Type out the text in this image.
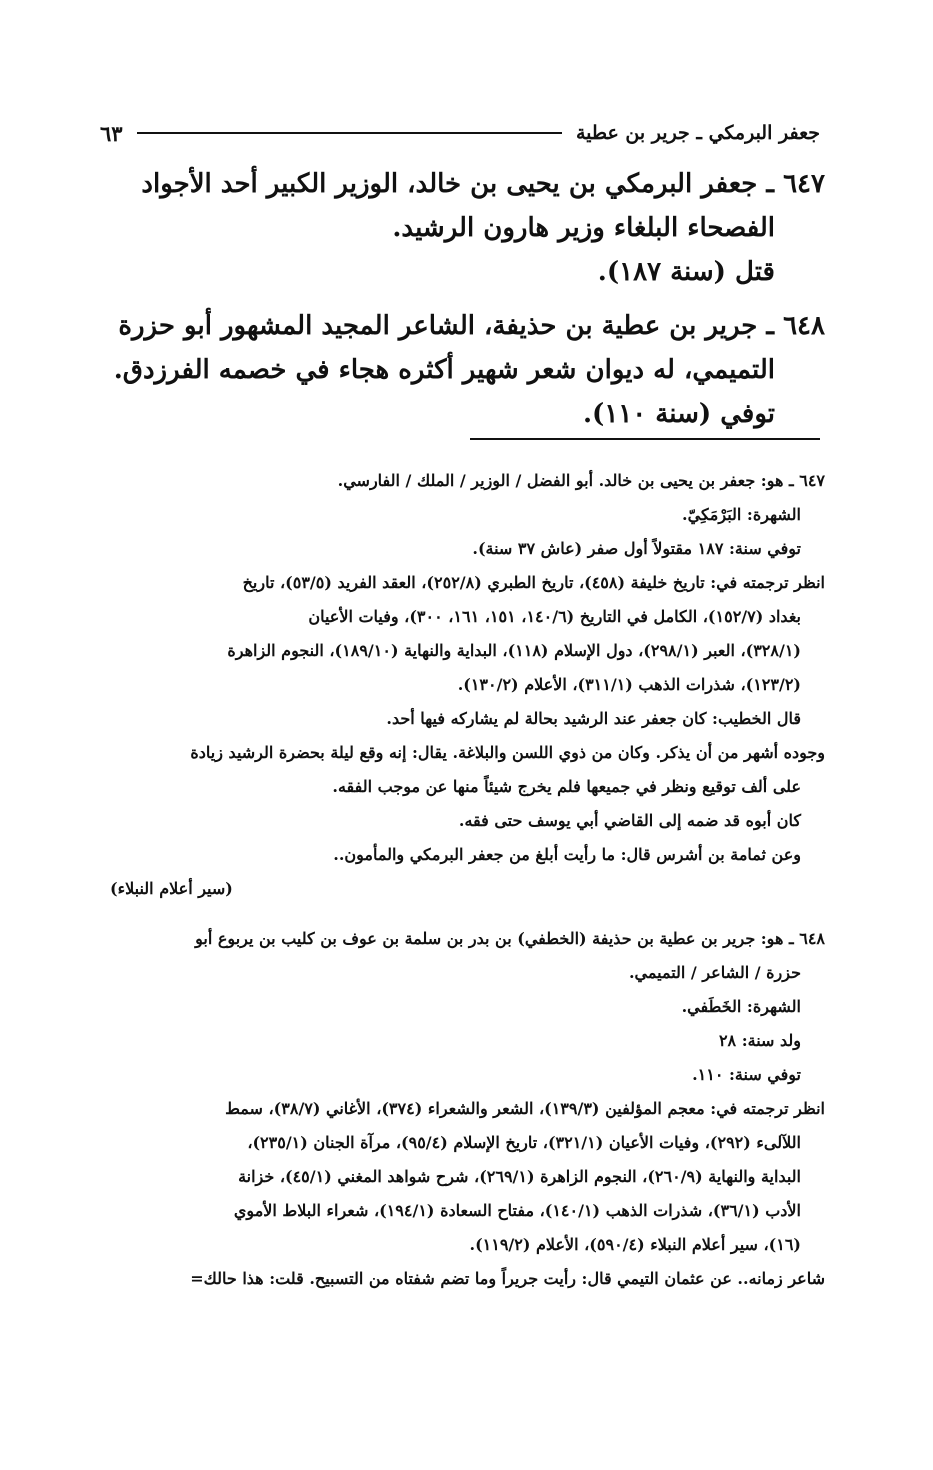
جعفر البرمكي ـ جرير بن عطية
٦٣

٦٤٧ ـ جعفر البرمكي بن يحيى بن خالد، الوزير الكبير أحد الأجواد

الفصحاء البلغاء وزير هارون الرشيد.

قتل (سنة ١٨٧).

٦٤٨ ـ جرير بن عطية بن حذيفة، الشاعر المجيد المشهور أبو حزرة

التميمي، له ديوان شعر شهير أكثره هجاء في خصمه الفرزدق.

توفي (سنة ١١٠).

٦٤٧ ـ هو: جعفر بن يحيى بن خالد. أبو الفضل / الوزير / الملك / الفارسي.

الشهرة: البَرْمَكِيّ.

توفي سنة: ١٨٧ مقتولاً أول صفر (عاش ٣٧ سنة).

انظر ترجمته في: تاريخ خليفة (٤٥٨)، تاريخ الطبري (٢٥٢/٨)، العقد الفريد (٥٣/٥)، تاريخ

بغداد (١٥٢/٧)، الكامل في التاريخ (١٤٠/٦، ١٥١، ١٦١، ٣٠٠)، وفيات الأعيان

(٣٢٨/١)، العبر (٢٩٨/١)، دول الإسلام (١١٨)، البداية والنهاية (١٨٩/١٠)، النجوم الزاهرة

(١٢٣/٢)، شذرات الذهب (٣١١/١)، الأعلام (١٣٠/٢).

قال الخطيب: كان جعفر عند الرشيد بحالة لم يشاركه فيها أحد.

وجوده أشهر من أن يذكر. وكان من ذوي اللسن والبلاغة. يقال: إنه وقع ليلة بحضرة الرشيد زيادة

على ألف توقيع ونظر في جميعها فلم يخرج شيئاً منها عن موجب الفقه.

كان أبوه قد ضمه إلى القاضي أبي يوسف حتى فقه.

وعن ثمامة بن أشرس قال: ما رأيت أبلغ من جعفر البرمكي والمأمون..

(سير أعلام النبلاء)

٦٤٨ ـ هو: جرير بن عطية بن حذيفة (الخطفي) بن بدر بن سلمة بن عوف بن كليب بن يربوع أبو

حزرة / الشاعر / التميمي.

الشهرة: الخَطَفي.

ولد سنة: ٢٨

توفي سنة: ١١٠.

انظر ترجمته في: معجم المؤلفين (١٣٩/٣)، الشعر والشعراء (٣٧٤)، الأغاني (٣٨/٧)، سمط

اللآلىء (٢٩٢)، وفيات الأعيان (٣٢١/١)، تاريخ الإسلام (٩٥/٤)، مرآة الجنان (٢٣٥/١)،

البداية والنهاية (٢٦٠/٩)، النجوم الزاهرة (٢٦٩/١)، شرح شواهد المغني (٤٥/١)، خزانة

الأدب (٣٦/١)، شذرات الذهب (١٤٠/١)، مفتاح السعادة (١٩٤/١)، شعراء البلاط الأموي

(١٦)، سير أعلام النبلاء (٥٩٠/٤)، الأعلام (١١٩/٢).

شاعر زمانه.. عن عثمان التيمي قال: رأيت جريراً وما تضم شفتاه من التسبيح. قلت: هذا حالك=
